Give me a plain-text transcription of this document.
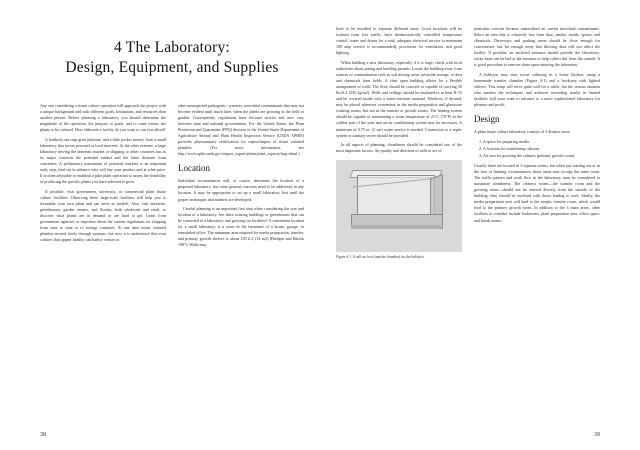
4 The Laboratory:
Design, Equipment, and Supplies

Any one considering a tissue culture operation will approach the project with a unique background and with different goals, limitations, and resources than another person. Before planning a laboratory, you should determine the magnitude of the operation, the purpose or goals, and to some extent, the plants to be cultured. How elaborate a facility do you want or can you afford?

A hobbyist can reap great pleasure, and a little pocket money, from a small laboratory that serves personal or local interests. At the other extreme, a large laboratory serving the domestic market or shipping to other countries has as its major concerns the potential market and the labor distance from customers. A preliminary assessment of potential markets is an important early step; find out in advance who will buy your product and at what price. It is often advisable to establish a pilot plant operation to assess the feasibility of producing the specific plants you have selected to grow.

If possible, visit government, university, or commercial plant tissue culture facilities. Observing these large-scale facilities will help you to formulate your own plans and can serve as models. Also, visit nurseries, greenhouses, garden centers, and florists, both wholesale and retail, to discover what plants are in demand or are hard to get. Learn from government agencies or exporters about the current regulations for shipping from state to state or to foreign countries. At one time tissue cultured plantlets moved freely through customs; but now it is understood that even cultures that appear healthy can harbor viruses or

other unsuspected pathogenic, systemic, microbial contaminants that may not become evident until much later, when the plants are growing in the field or garden. Consequently, regulations have become stricter and now vary between state and national governments. For the United States, the Plant Protection and Quarantine (PPQ) division of the United States Department of Agriculture Animal and Plant Health Inspection Service (USDA APHIS) provides phytosanitary certification for export/import of tissue cultured plantlets. (For more information, see http://www.aphis.usda.gov/import_export/plants/plant_exports/faqs.shtml.)

Location

Individual circumstances will, of course, determine the location of a proposed laboratory, but some general concerns need to be addressed in any location. It may be appropriate to set up a small laboratory first until the proper techniques and markets are developed.

Careful planning is an important first step when considering the size and location of a laboratory. Are there existing buildings or greenhouses that can be converted to a laboratory and growing-on facilities? A convenient location for a small laboratory is a room in the basement of a house, garage, or remodeled office. The minimum area required for media preparation, transfer, and primary growth shelves is about 150 ft.2 (14 m2) (Bridgen and Bartok 1987). Walls may

38

have to be installed to separate different areas. Good locations will be isolated from foot traffic, have thermostatically controlled temperature control, water and drains for a sink, adequate electrical service (a minimum 100 amp service is recommended), provisions for ventilation, and good lighting.

When building a new laboratory, especially if it is large, check with local authorities about zoning and building permits. Locate the building away from sources of contamination such as soil mixing areas, pesticide storage, or dust and chemicals from fields. A clear open building allows for a flexible arrangement of walls. The floor should be concrete or capable of carrying 50 lbs/ft.2 (245 kg/m2). Walls and ceilings should be insulated to at least R-15 and be covered inside with a water-resistant material. Windows, if desired, may be placed wherever convenient in the media preparation and glassware washing rooms, but not in the transfer or growth rooms. The heating system should be capable of maintaining a room temperature of 21°C (70°F) in the coldest part of the year and an air conditioning system may be necessary. A minimum of 0.75 in. (2 cm) water service is needed. Connection to a septic system or sanitary sewer should be provided.

In all aspects of planning, cleanliness should be considered one of the most important factors. Air quality and direction of airflow are of

Figure 4-1. A still-air box (transfer chamber) for the hobbyist.

particular concern because unsterilized air carries microbial contaminants. Select an area that is relatively free from dust, smoke, molds, spores, and chemicals. Driveways and parking areas should be close enough for convenience, but far enough away that blowing dust will not affect the facility. If possible, an enclosed entrance should precede the laboratory; sticky mats can be laid at the entrance to help collect dirt from the outside. It is good procedure to remove shoes upon entering the laboratory.

A hobbyist may start tissue culturing in a home kitchen, using a homemade transfer chamber (Figure 4-1) and a bookcase with lighted shelves. This setup will serve quite well for a while, but the serious amateur who masters the techniques and achieves rewarding results in limited facilities will soon want to advance to a more sophisticated laboratory for pleasure and profit.

Design

A plant tissue culture laboratory consists of 3 distinct areas:

1. A space for preparing media.
2. A location for transferring cultures.
3. An area for growing the cultures (primary growth room).

Usually these are located in 3 separate rooms, but when just starting out or in the face of limiting circumstances, these areas may occupy the same room. The traffic pattern and work flow in the laboratory must be considered to maximize cleanliness. The cleanest rooms—the transfer room and the growing room—should not be entered directly from the outside of the building; they should be enclosed with doors leading to each. Ideally, the media preparation area will lead to the aseptic transfer room, which would lead to the primary growth room. In addition to the 3 main areas, other facilities to consider include bathrooms, plant preparation area, office space, and break rooms.

39
